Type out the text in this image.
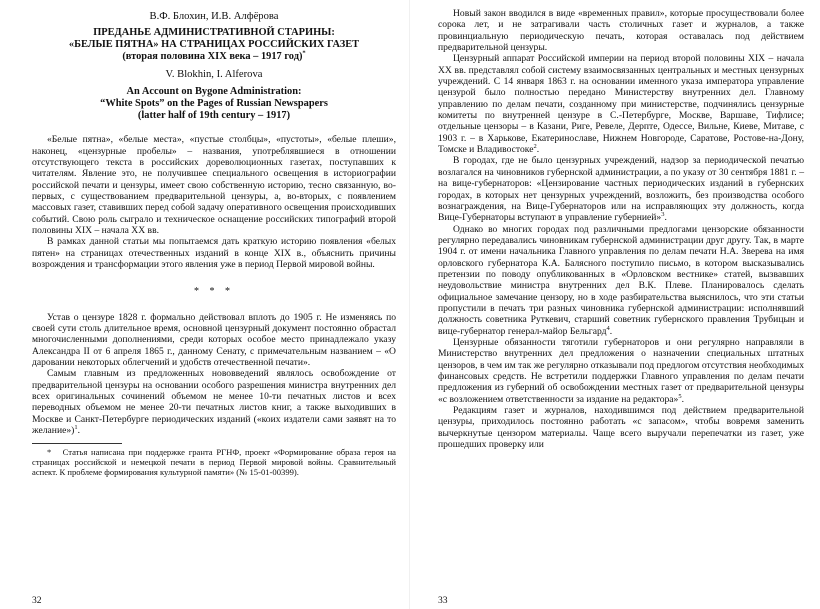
В.Ф. Блохин, И.В. Алфёрова
ПРЕДАНЬЕ АДМИНИСТРАТИВНОЙ СТАРИНЫ:
«БЕЛЫЕ ПЯТНА» НА СТРАНИЦАХ РОССИЙСКИХ ГАЗЕТ
(вторая половина XIX века – 1917 год)*
V. Blokhin, I. Alferova
An Account on Bygone Administration:
“White Spots” on the Pages of Russian Newspapers
(latter half of 19th century – 1917)

«Белые пятна», «белые места», «пустые столбцы», «пустоты», «белые плеши», наконец, «цензурные пробелы» – названия, употреблявшиеся в отношении отсутствующего текста в российских дореволюционных газетах, поступавших к читателям. Явление это, не получившее специального освещения в историографии российской печати и цензуры, имеет свою собственную историю, тесно связанную, во-первых, с существованием предварительной цензуры, а, во-вторых, с появлением массовых газет, ставивших перед собой задачу оперативного освещения происходивших событий. Свою роль сыграло и техническое оснащение российских типографий второй половины XIX – начала XX вв.

В рамках данной статьи мы попытаемся дать краткую историю появления «белых пятен» на страницах отечественных изданий в конце XIX в., объяснить причины возрождения и трансформации этого явления уже в период Первой мировой войны.

* * *

Устав о цензуре 1828 г. формально действовал вплоть до 1905 г. Не изменяясь по своей сути столь длительное время, основной цензурный документ постоянно обрастал многочисленными дополнениями, среди которых особое место принадлежало указу Александра II от 6 апреля 1865 г., данному Сенату, с примечательным названием – «О даровании некоторых облегчений и удобств отечественной печати».

Самым главным из предложенных нововведений являлось освобождение от предварительной цензуры на основании особого разрешения министра внутренних дел всех оригинальных сочинений объемом не менее 10-ти печатных листов и всех переводных объемом не менее 20-ти печатных листов книг, а также выходивших в Москве и Санкт-Петербурге периодических изданий («коих издатели сами заявят на то желание»)$^1$.

* Статья написана при поддержке гранта РГНФ, проект «Формирование образа героя на страницах российской и немецкой печати в период Первой мировой войны. Сравнительный аспект. К проблеме формирования культурной памяти» (№ 15-01-00399).

32

Новый закон вводился в виде «временных правил», которые просуществовали более сорока лет, и не затрагивали часть столичных газет и журналов, а также провинциальную периодическую печать, которая оставалась под действием предварительной цензуры.

Цензурный аппарат Российской империи на период второй половины XIX – начала XX вв. представлял собой систему взаимосвязанных центральных и местных цензурных учреждений. С 14 января 1863 г. на основании именного указа императора управление цензурой было полностью передано Министерству внутренних дел. Главному управлению по делам печати, созданному при министерстве, подчинялись цензурные комитеты по внутренней цензуре в С.-Петербурге, Москве, Варшаве, Тифлисе; отдельные цензоры – в Казани, Риге, Ревеле, Дерпте, Одессе, Вильне, Киеве, Митаве, с 1903 г. – в Харькове, Екатеринославе, Нижнем Новгороде, Саратове, Ростове-на-Дону, Томске и Владивостоке$^2$.

В городах, где не было цензурных учреждений, надзор за периодической печатью возлагался на чиновников губернской администрации, а по указу от 30 сентября 1881 г. – на вице-губернаторов: «Цензирование частных периодических изданий в губернских городах, в которых нет цензурных учреждений, возложить, без производства особого вознаграждения, на Вице-Губернаторов или на исправляющих эту должность, когда Вице-Губернаторы вступают в управление губернией»$^3$.

Однако во многих городах под различными предлогами цензорские обязанности регулярно передавались чиновникам губернской администрации друг другу. Так, в марте 1904 г. от имени начальника Главного управления по делам печати Н.А. Зверева на имя орловского губернатора К.А. Балясного поступило письмо, в котором высказывались претензии по поводу опубликованных в «Орловском вестнике» статей, вызвавших неудовольствие министра внутренних дел В.К. Плеве. Планировалось сделать официальное замечание цензору, но в ходе разбирательства выяснилось, что эти статьи пропустили в печать три разных чиновника губернской администрации: исполнявший должность советника Руткевич, старший советник губернского правления Трубицын и вице-губернатор генерал-майор Бельгард$^4$.

Цензурные обязанности тяготили губернаторов и они регулярно направляли в Министерство внутренних дел предложения о назначении специальных штатных цензоров, в чем им так же регулярно отказывали под предлогом отсутствия необходимых финансовых средств. Не встретили поддержки Главного управления по делам печати предложения из губерний об освобождении местных газет от предварительной цензуры «с возложением ответственности за издание на редактора»$^5$.

Редакциям газет и журналов, находившимся под действием предварительной цензуры, приходилось постоянно работать «с запасом», чтобы вовремя заменить вычеркнутые цензором материалы. Чаще всего выручали перепечатки из газет, уже прошедших проверку или

33
